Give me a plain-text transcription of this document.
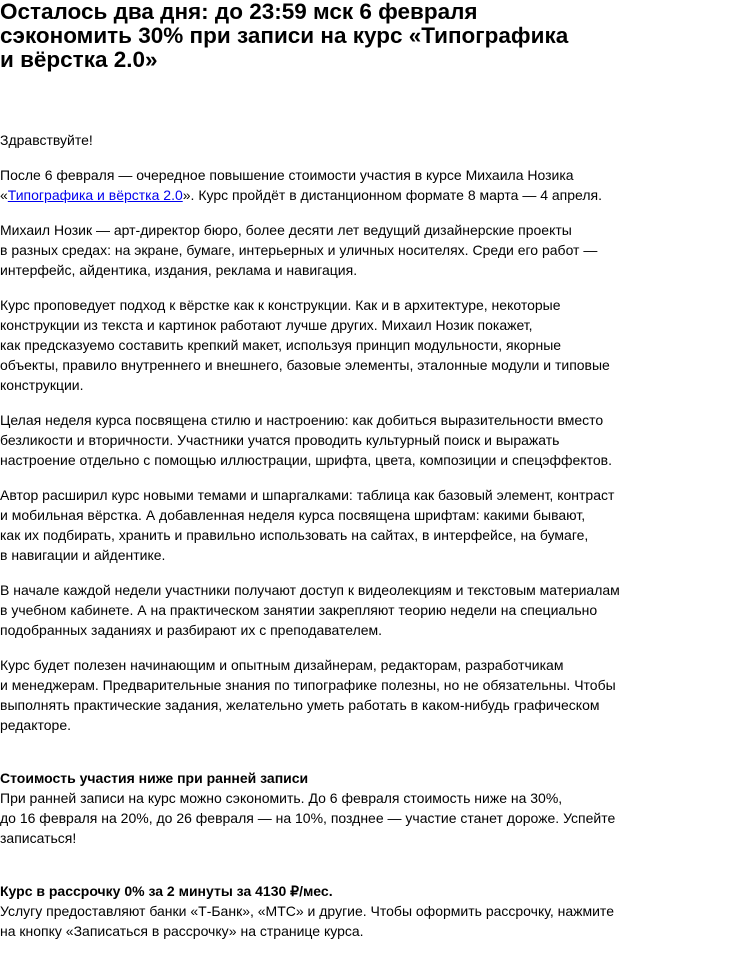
Осталось два дня: до 23:59 мск 6 февраля
сэкономить 30% при записи на курс «Типографика
и вёрстка 2.0»

Здравствуйте!

После 6 февраля — очередное повышение стоимости участия в курсе Михаила Нозика
«Типографика и вёрстка 2.0». Курс пройдёт в дистанционном формате 8 марта — 4 апреля.

Михаил Нозик — арт-директор бюро, более десяти лет ведущий дизайнерские проекты
в разных средах: на экране, бумаге, интерьерных и уличных носителях. Среди его работ —
интерфейс, айдентика, издания, реклама и навигация.

Курс проповедует подход к вёрстке как к конструкции. Как и в архитектуре, некоторые
конструкции из текста и картинок работают лучше других. Михаил Нозик покажет,
как предсказуемо составить крепкий макет, используя принцип модульности, якорные
объекты, правило внутреннего и внешнего, базовые элементы, эталонные модули и типовые
конструкции.

Целая неделя курса посвящена стилю и настроению: как добиться выразительности вместо
безликости и вторичности. Участники учатся проводить культурный поиск и выражать
настроение отдельно с помощью иллюстрации, шрифта, цвета, композиции и спецэффектов.

Автор расширил курс новыми темами и шпаргалками: таблица как базовый элемент, контраст
и мобильная вёрстка. А добавленная неделя курса посвящена шрифтам: какими бывают,
как их подбирать, хранить и правильно использовать на сайтах, в интерфейсе, на бумаге,
в навигации и айдентике.

В начале каждой недели участники получают доступ к видеолекциям и текстовым материалам
в учебном кабинете. А на практическом занятии закрепляют теорию недели на специально
подобранных заданиях и разбирают их с преподавателем.

Курс будет полезен начинающим и опытным дизайнерам, редакторам, разработчикам
и менеджерам. Предварительные знания по типографике полезны, но не обязательны. Чтобы
выполнять практические задания, желательно уметь работать в каком-нибудь графическом
редакторе.

Стоимость участия ниже при ранней записи

При ранней записи на курс можно сэкономить. До 6 февраля стоимость ниже на 30%,
до 16 февраля на 20%, до 26 февраля — на 10%, позднее — участие станет дороже. Успейте
записаться!

Курс в рассрочку 0% за 2 минуты за 4130 ₽/мес.

Услугу предоставляют банки «Т-Банк», «МТС» и другие. Чтобы оформить рассрочку, нажмите
на кнопку «Записаться в рассрочку» на странице курса.
